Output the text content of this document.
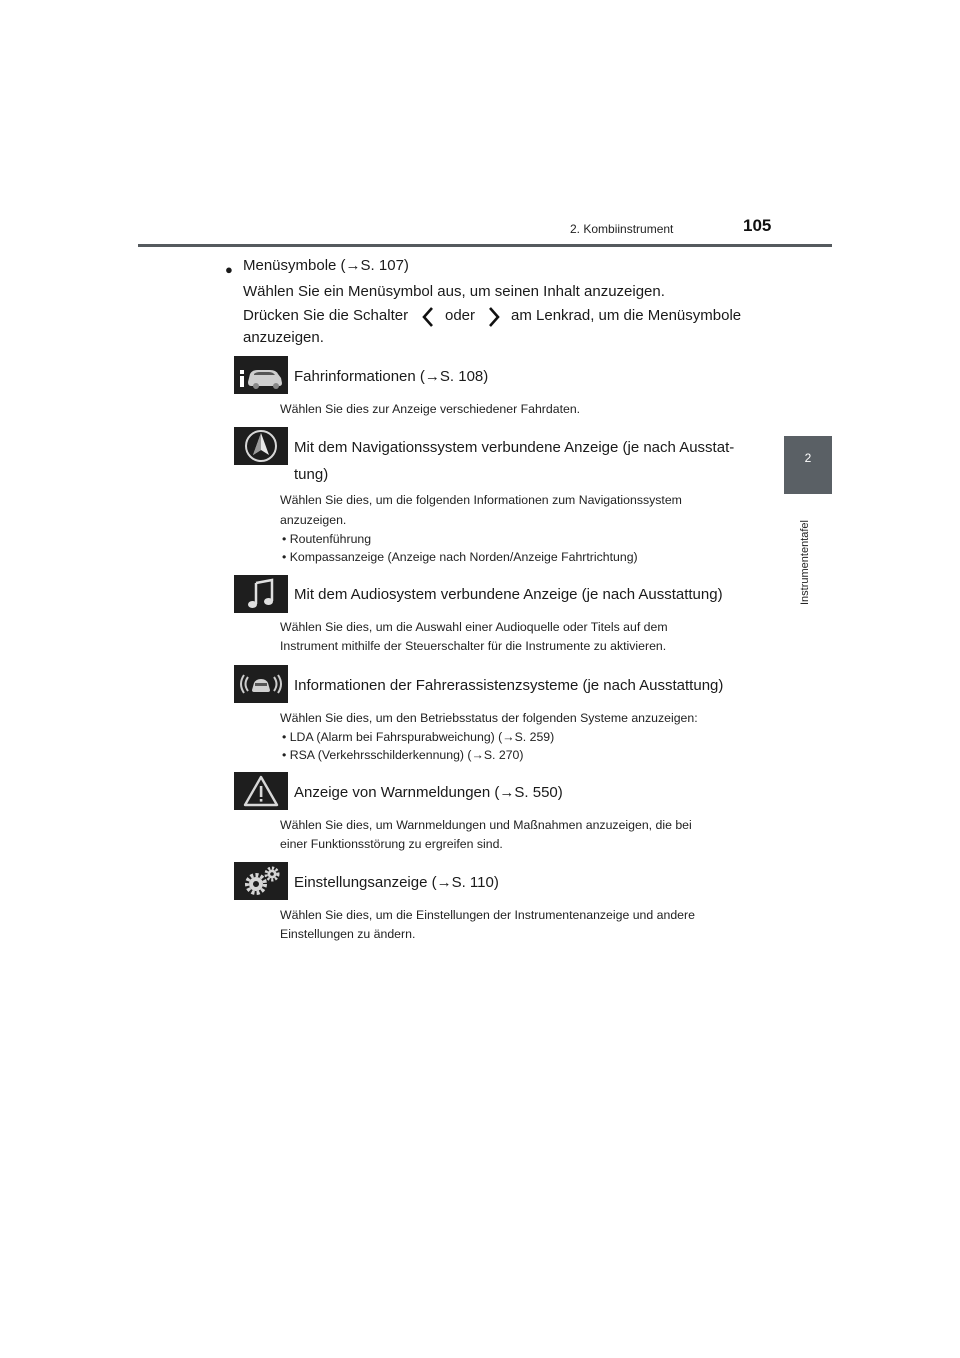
2. Kombiinstrument	105
2
Instrumententafel
● Menüsymbole (→S. 107)
Wählen Sie ein Menüsymbol aus, um seinen Inhalt anzuzeigen.
Drücken Sie die Schalter oder am Lenkrad, um die Menüsymbole
anzuzeigen.
Fahrinformationen (→S. 108)
Wählen Sie dies zur Anzeige verschiedener Fahrdaten.
Mit dem Navigationssystem verbundene Anzeige (je nach Ausstat-
tung)
Wählen Sie dies, um die folgenden Informationen zum Navigationssystem
anzuzeigen.
• Routenführung
• Kompassanzeige (Anzeige nach Norden/Anzeige Fahrtrichtung)
Mit dem Audiosystem verbundene Anzeige (je nach Ausstattung)
Wählen Sie dies, um die Auswahl einer Audioquelle oder Titels auf dem
Instrument mithilfe der Steuerschalter für die Instrumente zu aktivieren.
Informationen der Fahrerassistenzsysteme (je nach Ausstattung)
Wählen Sie dies, um den Betriebsstatus der folgenden Systeme anzuzeigen:
• LDA (Alarm bei Fahrspurabweichung) (→S. 259)
• RSA (Verkehrsschilderkennung) (→S. 270)
Anzeige von Warnmeldungen (→S. 550)
Wählen Sie dies, um Warnmeldungen und Maßnahmen anzuzeigen, die bei
einer Funktionsstörung zu ergreifen sind.
Einstellungsanzeige (→S. 110)
Wählen Sie dies, um die Einstellungen der Instrumentenanzeige und andere
Einstellungen zu ändern.
